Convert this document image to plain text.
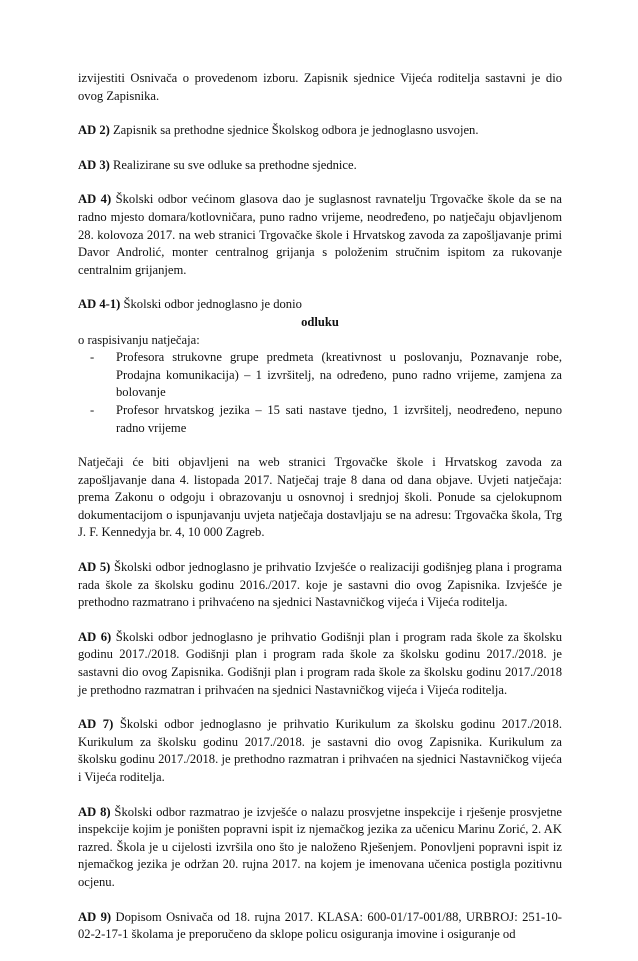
izvijestiti Osnivača o provedenom izboru. Zapisnik sjednice Vijeća roditelja sastavni je dio ovog Zapisnika.

AD 2) Zapisnik sa prethodne sjednice Školskog odbora je jednoglasno usvojen.

AD 3) Realizirane su sve odluke sa prethodne sjednice.

AD 4) Školski odbor većinom glasova dao je suglasnost ravnatelju Trgovačke škole da se na radno mjesto domara/kotlovničara, puno radno vrijeme, neodređeno, po natječaju objavljenom 28. kolovoza 2017. na web stranici Trgovačke škole i Hrvatskog zavoda za zapošljavanje primi Davor Androlić, monter centralnog grijanja s položenim stručnim ispitom za rukovanje centralnim grijanjem.

AD 4-1) Školski odbor jednoglasno je donio

odluku

o raspisivanju natječaja:

- Profesora strukovne grupe predmeta (kreativnost u poslovanju, Poznavanje robe, Prodajna komunikacija) – 1 izvršitelj, na određeno, puno radno vrijeme, zamjena za bolovanje
- Profesor hrvatskog jezika – 15 sati nastave tjedno, 1 izvršitelj, neodređeno, nepuno radno vrijeme

Natječaji će biti objavljeni na web stranici Trgovačke škole i Hrvatskog zavoda za zapošljavanje dana 4. listopada 2017. Natječaj traje 8 dana od dana objave. Uvjeti natječaja: prema Zakonu o odgoju i obrazovanju u osnovnoj i srednjoj školi. Ponude sa cjelokupnom dokumentacijom o ispunjavanju uvjeta natječaja dostavljaju se na adresu: Trgovačka škola, Trg J. F. Kennedyja br. 4, 10 000 Zagreb.

AD 5) Školski odbor jednoglasno je prihvatio Izvješće o realizaciji godišnjeg plana i programa rada škole za školsku godinu 2016./2017. koje je sastavni dio ovog Zapisnika. Izvješće je prethodno razmatrano i prihvaćeno na sjednici Nastavničkog vijeća i Vijeća roditelja.

AD 6) Školski odbor jednoglasno je prihvatio Godišnji plan i program rada škole za školsku godinu 2017./2018. Godišnji plan i program rada škole za školsku godinu 2017./2018. je sastavni dio ovog Zapisnika. Godišnji plan i program rada škole za školsku godinu 2017./2018 je prethodno razmatran i prihvaćen na sjednici Nastavničkog vijeća i Vijeća roditelja.

AD 7) Školski odbor jednoglasno je prihvatio Kurikulum za školsku godinu 2017./2018. Kurikulum za školsku godinu 2017./2018. je sastavni dio ovog Zapisnika. Kurikulum za školsku godinu 2017./2018. je prethodno razmatran i prihvaćen na sjednici Nastavničkog vijeća i Vijeća roditelja.

AD 8) Školski odbor razmatrao je izvješće o nalazu prosvjetne inspekcije i rješenje prosvjetne inspekcije kojim je poništen popravni ispit iz njemačkog jezika za učenicu Marinu Zorić, 2. AK razred. Škola je u cijelosti izvršila ono što je naloženo Rješenjem. Ponovljeni popravni ispit iz njemačkog jezika je održan 20. rujna 2017. na kojem je imenovana učenica postigla pozitivnu ocjenu.

AD 9) Dopisom Osnivača od 18. rujna 2017. KLASA: 600-01/17-001/88, URBROJ: 251-10-02-2-17-1 školama je preporučeno da sklope policu osiguranja imovine i osiguranje od
